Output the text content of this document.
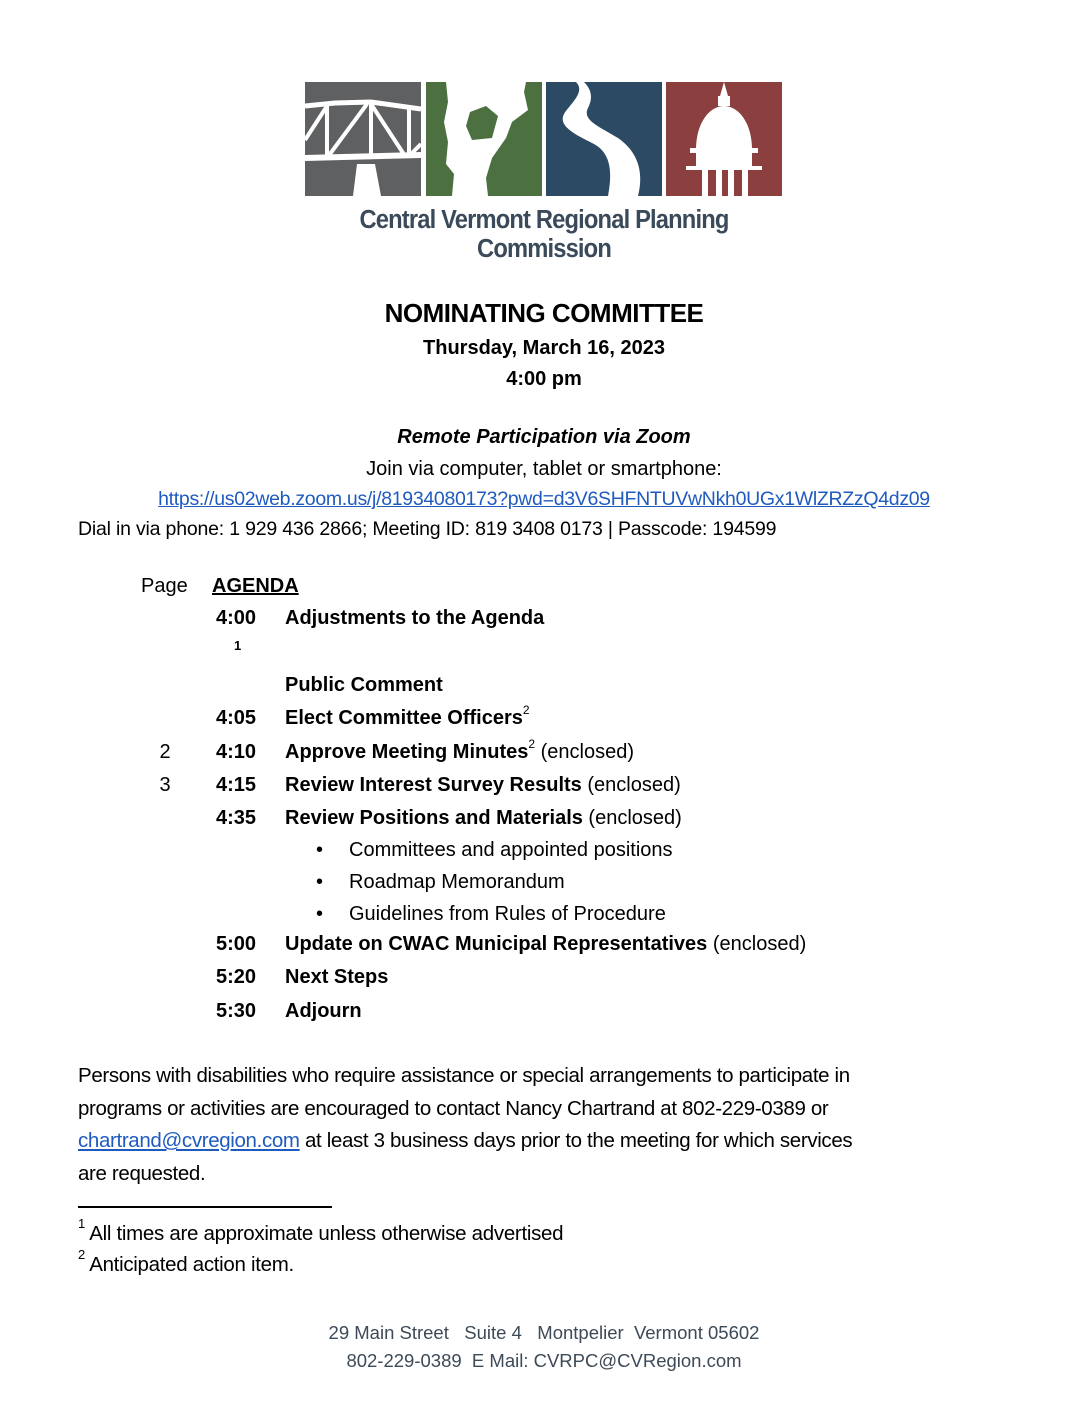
Central Vermont Regional Planning Commission
NOMINATING COMMITTEE
Thursday, March 16, 2023
4:00 pm
Remote Participation via Zoom
Join via computer, tablet or smartphone:
https://us02web.zoom.us/j/81934080173?pwd=d3V6SHFNTUVwNkh0UGx1WlZRZzQ4dz09
Dial in via phone: 1 929 436 2866; Meeting ID: 819 3408 0173 | Passcode: 194599
Page AGENDA
4:00 Adjustments to the Agenda
1
Public Comment
4:05 Elect Committee Officers$^2$
2	4:10 Approve Meeting Minutes$^2$ (enclosed)
3	4:15 Review Interest Survey Results (enclosed)
4:35 Review Positions and Materials (enclosed)
• Committees and appointed positions
• Roadmap Memorandum
• Guidelines from Rules of Procedure
5:00 Update on CWAC Municipal Representatives (enclosed)
5:20 Next Steps
5:30 Adjourn
Persons with disabilities who require assistance or special arrangements to participate in
programs or activities are encouraged to contact Nancy Chartrand at 802-229-0389 or
chartrand@cvregion.com at least 3 business days prior to the meeting for which services
are requested.
$^1$ All times are approximate unless otherwise advertised
$^2$ Anticipated action item.
29 Main Street   Suite 4   Montpelier  Vermont 05602
802-229-0389  E Mail: CVRPC@CVRegion.com
